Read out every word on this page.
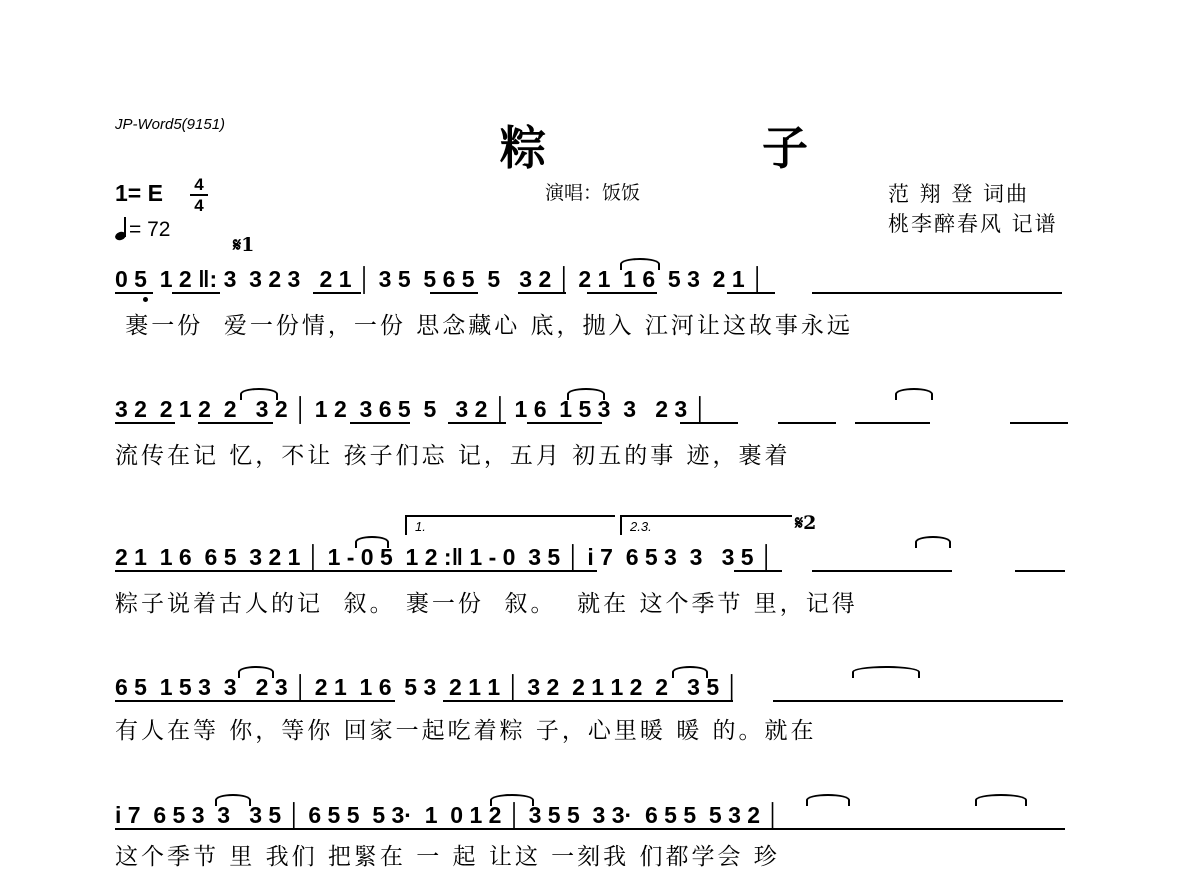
JP-Word5(9151)	粽 子
1= E 4
4
= 72
演唱：饭饭	范 翔 登 词曲
桃李醉春风 记谱
𝄋1
𝄋2
1.	2.3.
0 5  1 2 ‖: 3  3 2 3   2 1 │ 3 5  5 6 5  5   3 2 │ 2 1  1 6  5 3  2 1 │
裹一份  爱一份情，一份 思念藏心 底，抛入 江河让这故事永远
3 2  2 1 2  2   3 2 │ 1 2  3 6 5  5   3 2 │ 1 6  1 5 3  3   2 3 │
流传在记 忆，不让 孩子们忘 记，五月 初五的事 迹，裹着
2 1  1 6  6 5  3 2 1 │ 1 - 0 5  1 2 :‖ 1 - 0  3 5 │ i 7  6 5 3  3   3 5 │
粽子说着古人的记  叙。 裹一份  叙。  就在 这个季节 里，记得
6 5  1 5 3  3   2 3 │ 2 1  1 6  5 3  2 1 1 │ 3 2  2 1 1 2  2   3 5 │
有人在等 你，等你 回家一起吃着粽 子，心里暖 暖 的。就在
i 7  6 5 3  3   3 5 │ 6 5 5  5 3·  1  0 1 2 │ 3 5 5  3 3·  6 5 5  5 3 2 │
这个季节 里 我们 把緊在 一 起 让这 一刻我 们都学会 珍
